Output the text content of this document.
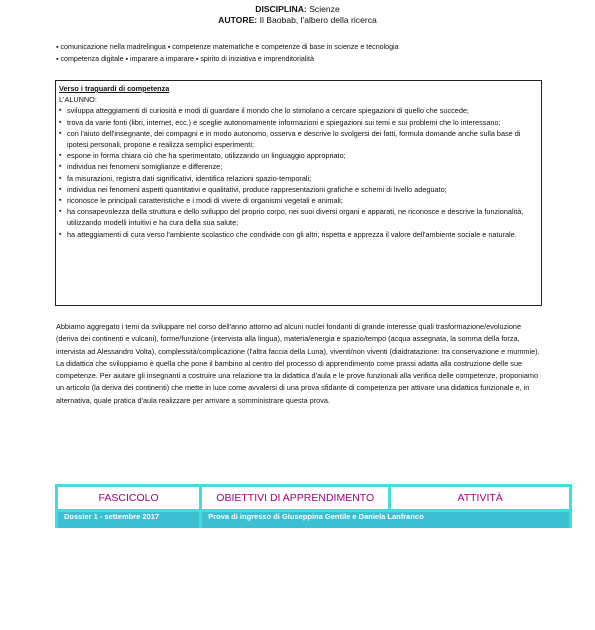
DISCIPLINA: Scienze
AUTORE: Il Baobab, l'albero della ricerca
▪ comunicazione nella madrelingua ▪ competenze matematiche e competenze di base in scienze e tecnologia
▪ competenza digitale ▪ imparare a imparare ▪ spirito di iniziativa e imprenditorialità
Verso i traguardi di competenza
L'ALUNNO:
▪ sviluppa atteggiamenti di curiosità e modi di guardare il mondo che lo stimolano a cercare spiegazioni di quello che succede;
▪ trova da varie fonti (libri, internet, ecc.) e sceglie autonomamente informazioni e spiegazioni sui temi e sui problemi che lo interessano;
▪ con l'aiuto dell'insegnante, dei compagni e in modo autonomo, osserva e descrive lo svolgersi dei fatti, formula domande anche sulla base di ipotesi personali, propone e realizza semplici esperimenti;
▪ espone in forma chiara ciò che ha sperimentato, utilizzando un linguaggio appropriato;
▪ individua nei fenomeni somiglianze e differenze;
▪ fa misurazioni, registra dati significativi, identifica relazioni spazio-temporali;
▪ individua nei fenomeni aspetti quantitativi e qualitativi, produce rappresentazioni grafiche e schemi di livello adeguato;
▪ riconosce le principali caratteristiche e i modi di vivere di organismi vegetali e animali;
▪ ha consapevolezza della struttura e dello sviluppo del proprio corpo, nei suoi diversi organi e apparati, ne riconosce e descrive la funzionalità, utilizzando modelli intuitivi e ha cura della sua salute;
▪ ha atteggiamenti di cura verso l'ambiente scolastico che condivide con gli altri; rispetta e apprezza il valore dell'ambiente sociale e naturale.
Abbiamo aggregato i temi da sviluppare nel corso dell'anno attorno ad alcuni nuclei fondanti di grande interesse quali trasformazione/evoluzione (deriva dei continenti e vulcani), forme/funzione (intervista alla lingua), materia/energia e spazio/tempo (acqua assegnata, la somma della forza, intervista ad Alessandro Volta), complessità/complicazione (l'altra faccia della Luna), viventi/non viventi (diaidratazione: tra conservazione e mummie). La didattica che sviluppiamo è quella che pone il bambino al centro del processo di apprendimento come prassi adatta alla costruzione delle sue competenze. Per aiutare gli insegnanti a costruire una relazione tra la didattica d'aula e le prove funzionali alla verifica delle competenze, proponiamo un articolo (la deriva dei continenti) che mette in luce come avvalersi di una prova sfidante di competenza per attivare una didattica funzionale e, in alternativa, quale pratica d'aula realizzare per arrivare a somministrare questa prova.
FASCICOLO	OBIETTIVI DI APPRENDIMENTO	ATTIVITÀ
Dossier 1 - settembre 2017	Prova di ingresso di Giuseppina Gentile e Daniela Lanfranco	
